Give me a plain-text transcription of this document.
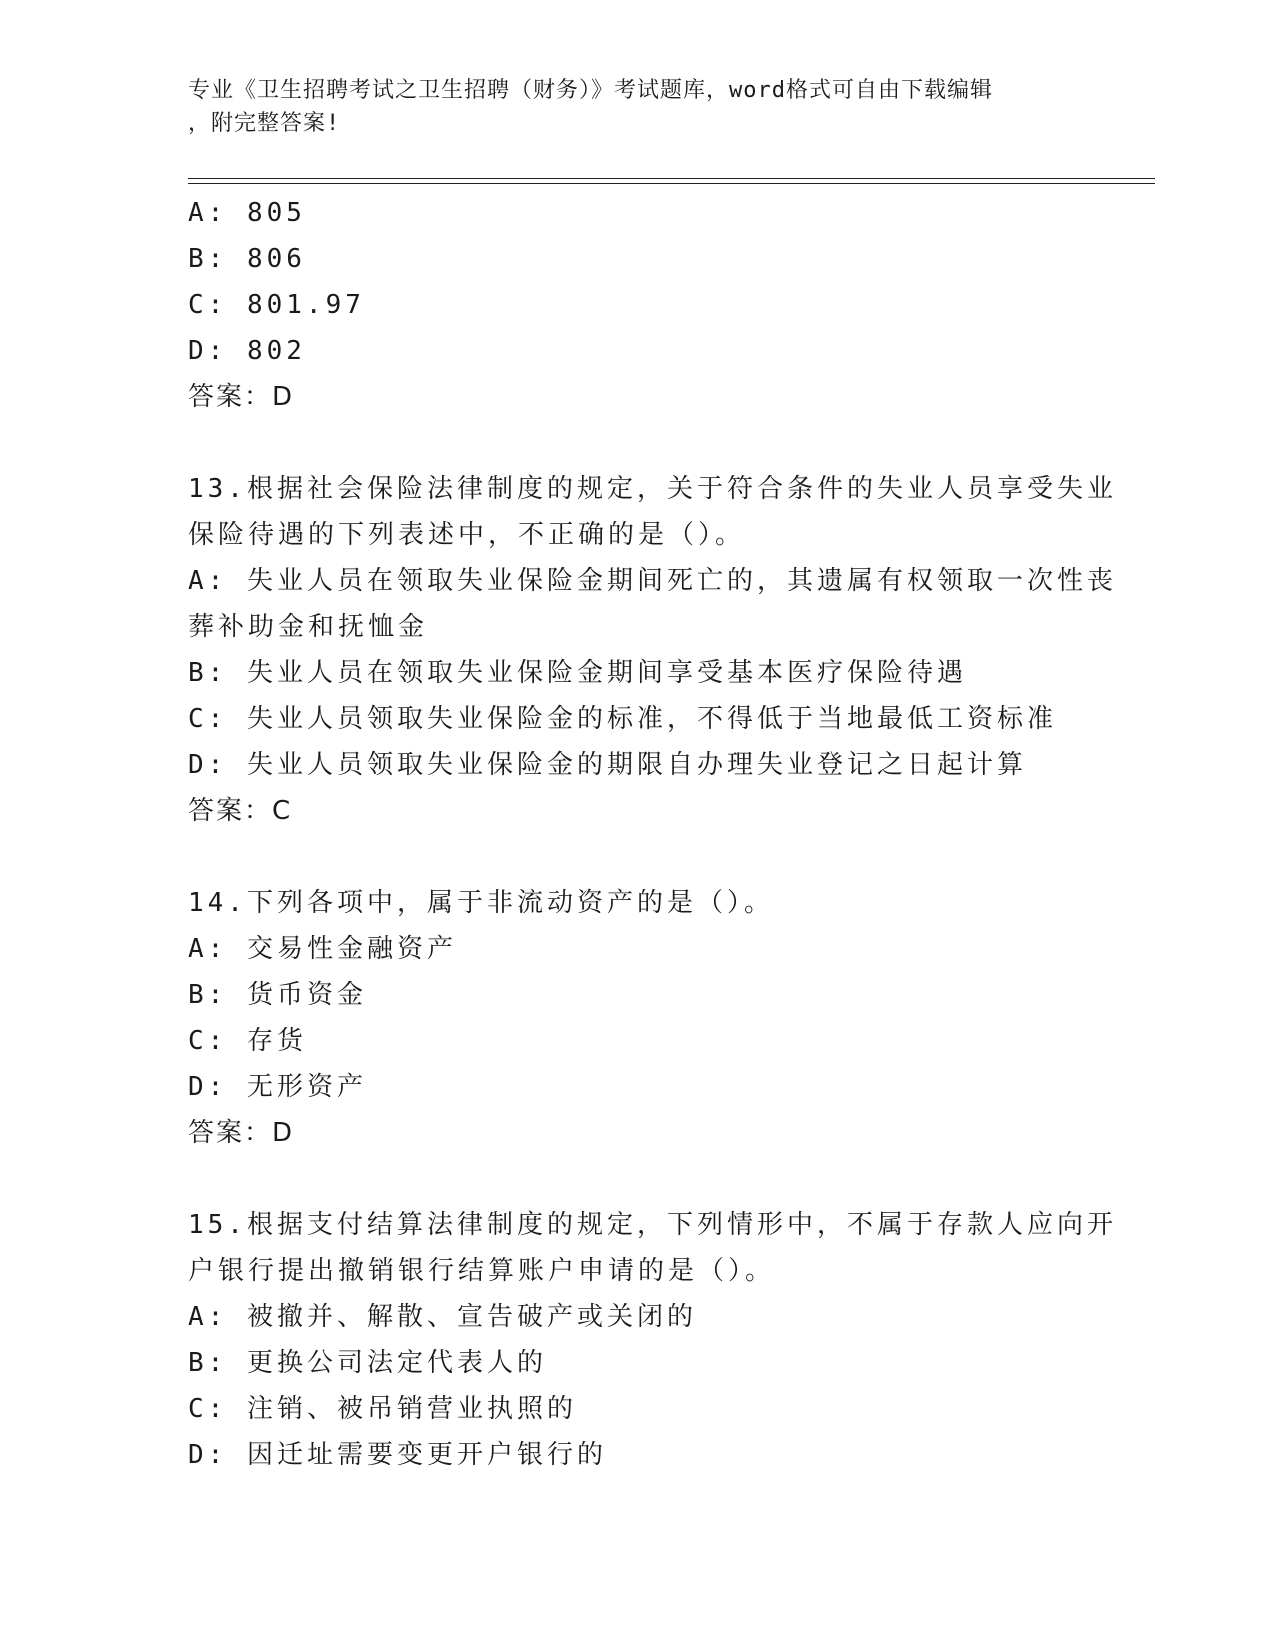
专业《卫生招聘考试之卫生招聘（财务）》考试题库，word格式可自由下载编辑
，附完整答案!
A: 805
B: 806
C: 801.97
D: 802
答案：D
13.根据社会保险法律制度的规定，关于符合条件的失业人员享受失业
保险待遇的下列表述中，不正确的是（）。
A: 失业人员在领取失业保险金期间死亡的，其遗属有权领取一次性丧
葬补助金和抚恤金
B: 失业人员在领取失业保险金期间享受基本医疗保险待遇
C: 失业人员领取失业保险金的标准，不得低于当地最低工资标准
D: 失业人员领取失业保险金的期限自办理失业登记之日起计算
答案：C
14.下列各项中，属于非流动资产的是（）。
A: 交易性金融资产
B: 货币资金
C: 存货
D: 无形资产
答案：D
15.根据支付结算法律制度的规定，下列情形中，不属于存款人应向开
户银行提出撤销银行结算账户申请的是（）。
A: 被撤并、解散、宣告破产或关闭的
B: 更换公司法定代表人的
C: 注销、被吊销营业执照的
D: 因迁址需要变更开户银行的
